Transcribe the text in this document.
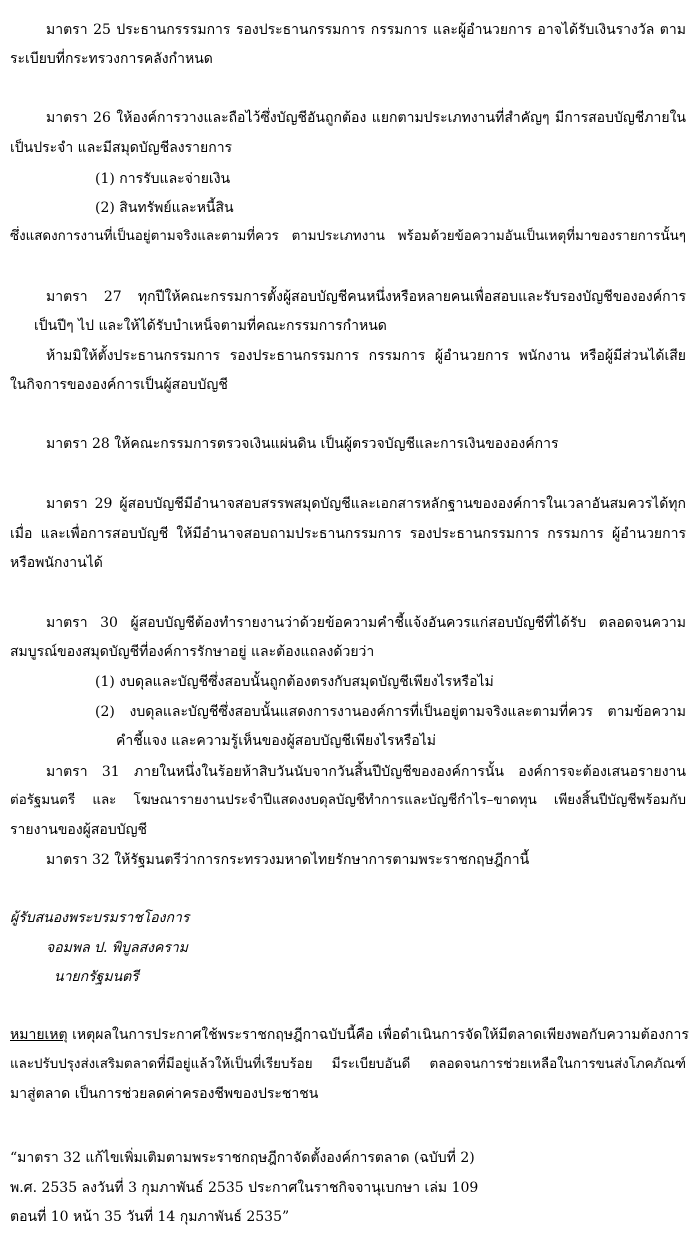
มาตรา 25 ประธานกรรรมการ รองประธานกรรมการ กรรมการ และผู้อำนวยการ อาจได้รับเงินรางวัล ตาม
ระเบียบที่กระทรวงการคลังกำหนด
มาตรา 26 ให้องค์การวางและถือไว้ซึ่งบัญชีอันถูกต้อง แยกตามประเภทงานที่สำคัญๆ มีการสอบบัญชีภายใน
เป็นประจำ และมีสมุดบัญชีลงรายการ
(1) การรับและจ่ายเงิน
(2) สินทรัพย์และหนี้สิน
ซึ่งแสดงการงานที่เป็นอยู่ตามจริงและตามที่ควร ตามประเภทงาน พร้อมด้วยข้อความอันเป็นเหตุที่มาของรายการนั้นๆ
มาตรา 27 ทุกปีให้คณะกรรมการตั้งผู้สอบบัญชีคนหนึ่งหรือหลายคนเพื่อสอบและรับรองบัญชีขององค์การ
เป็นปีๆ ไป และให้ได้รับบำเหน็จตามที่คณะกรรมการกำหนด
ห้ามมิให้ตั้งประธานกรรมการ รองประธานกรรมการ กรรมการ ผู้อำนวยการ พนักงาน หรือผู้มีส่วนได้เสีย
ในกิจการขององค์การเป็นผู้สอบบัญชี
มาตรา 28 ให้คณะกรรมการตรวจเงินแผ่นดิน เป็นผู้ตรวจบัญชีและการเงินขององค์การ
มาตรา 29 ผู้สอบบัญชีมีอำนาจสอบสรรพสมุดบัญชีและเอกสารหลักฐานขององค์การในเวลาอันสมควรได้ทุก
เมื่อ และเพื่อการสอบบัญชี ให้มีอำนาจสอบถามประธานกรรมการ รองประธานกรรมการ กรรมการ ผู้อำนวยการ
หรือพนักงานได้
มาตรา 30 ผู้สอบบัญชีต้องทำรายงานว่าด้วยข้อความคำชี้แจ้งอันควรแก่สอบบัญชีที่ได้รับ ตลอดจนความ
สมบูรณ์ของสมุดบัญชีที่องค์การรักษาอยู่ และต้องแถลงด้วยว่า
(1) งบดุลและบัญชีซึ่งสอบนั้นถูกต้องตรงกับสมุดบัญชีเพียงไรหรือไม่
(2) งบดุลและบัญชีซึ่งสอบนั้นแสดงการงานองค์การที่เป็นอยู่ตามจริงและตามที่ควร ตามข้อความ
คำชี้แจง และความรู้เห็นของผู้สอบบัญชีเพียงไรหรือไม่
มาตรา 31 ภายในหนึ่งในร้อยห้าสิบวันนับจากวันสิ้นปีบัญชีขององค์การนั้น องค์การจะต้องเสนอรายงาน
ต่อรัฐมนตรี และ โฆษณารายงานประจำปีแสดงงบดุลบัญชีทำการและบัญชีกำไร–ขาดทุน เพียงสิ้นปีบัญชีพร้อมกับ
รายงานของผู้สอบบัญชี
มาตรา 32 ให้รัฐมนตรีว่าการกระทรวงมหาดไทยรักษาการตามพระราชกฤษฎีกานี้
ผู้รับสนองพระบรมราชโองการ
จอมพล ป. พิบูลสงคราม
นายกรัฐมนตรี
หมายเหตุ เหตุผลในการประกาศใช้พระราชกฤษฎีกาฉบับนี้คือ เพื่อดำเนินการจัดให้มีตลาดเพียงพอกับความต้องการ
และปรับปรุงส่งเสริมตลาดที่มีอยู่แล้วให้เป็นที่เรียบร้อย มีระเบียบอันดี ตลอดจนการช่วยเหลือในการขนส่งโภคภัณฑ์
มาสู่ตลาด เป็นการช่วยลดค่าครองชีพของประชาชน
“มาตรา 32 แก้ไขเพิ่มเติมตามพระราชกฤษฎีกาจัดตั้งองค์การตลาด (ฉบับที่ 2)
พ.ศ. 2535 ลงวันที่ 3 กุมภาพันธ์ 2535 ประกาศในราชกิจจานุเบกษา เล่ม 109
ตอนที่ 10 หน้า 35 วันที่ 14 กุมภาพันธ์ 2535”
